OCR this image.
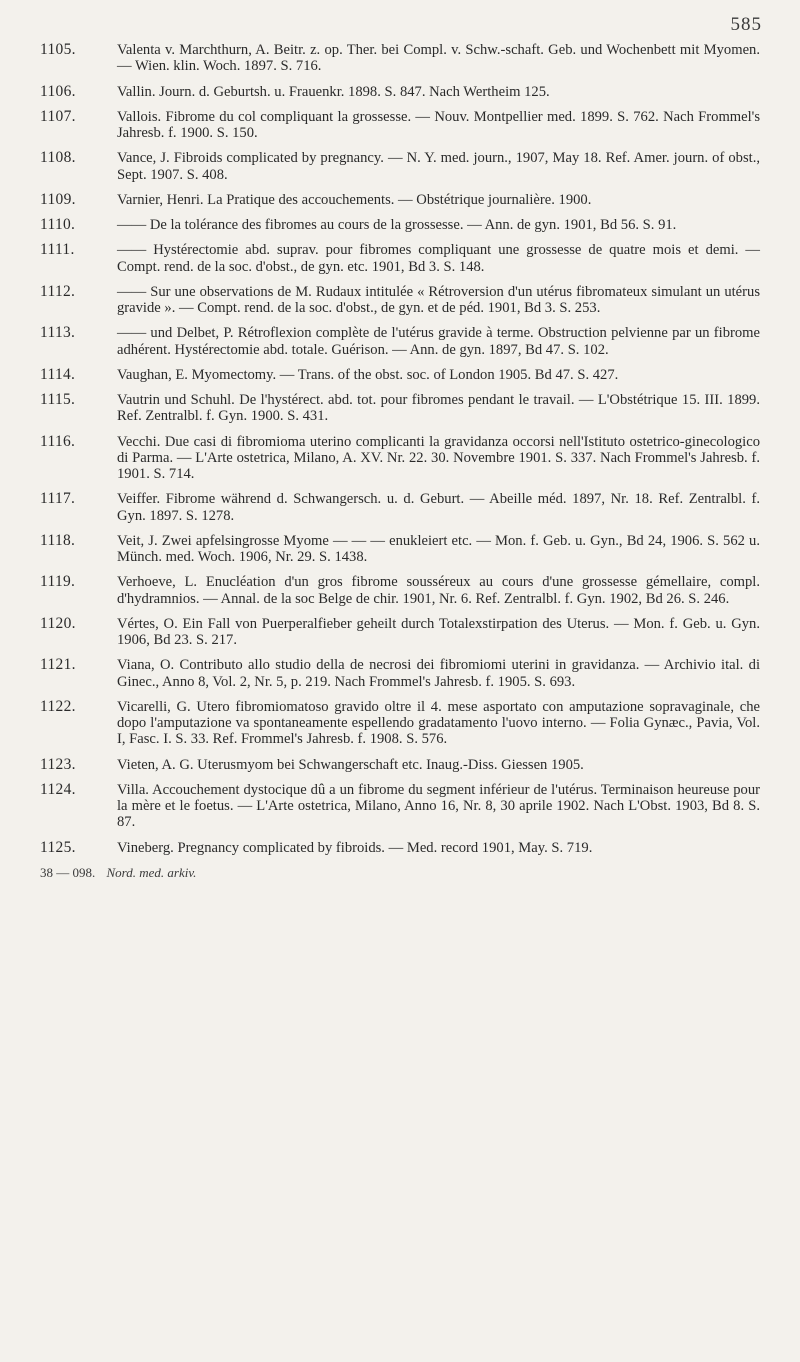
585
1105.	Valenta v. Marchthurn, A. Beitr. z. op. Ther. bei Compl. v. Schw.-schaft. Geb. und Wochenbett mit Myomen. — Wien. klin. Woch. 1897. S. 716.
1106.	Vallin. Journ. d. Geburtsh. u. Frauenkr. 1898. S. 847. Nach Wertheim 125.
1107.	Vallois. Fibrome du col compliquant la grossesse. — Nouv. Montpellier med. 1899. S. 762. Nach Frommel's Jahresb. f. 1900. S. 150.
1108.	Vance, J. Fibroids complicated by pregnancy. — N. Y. med. journ., 1907, May 18. Ref. Amer. journ. of obst., Sept. 1907. S. 408.
1109.	Varnier, Henri. La Pratique des accouchements. — Obstétrique journalière. 1900.
1110.	—— De la tolérance des fibromes au cours de la grossesse. — Ann. de gyn. 1901, Bd 56. S. 91.
1111.	—— Hystérectomie abd. suprav. pour fibromes compliquant une grossesse de quatre mois et demi. — Compt. rend. de la soc. d'obst., de gyn. etc. 1901, Bd 3. S. 148.
1112.	—— Sur une observations de M. Rudaux intitulée « Rétroversion d'un utérus fibromateux simulant un utérus gravide ». — Compt. rend. de la soc. d'obst., de gyn. et de péd. 1901, Bd 3. S. 253.
1113.	—— und Delbet, P. Rétroflexion complète de l'utérus gravide à terme. Obstruction pelvienne par un fibrome adhérent. Hystérectomie abd. totale. Guérison. — Ann. de gyn. 1897, Bd 47. S. 102.
1114.	Vaughan, E. Myomectomy. — Trans. of the obst. soc. of London 1905. Bd 47. S. 427.
1115.	Vautrin und Schuhl. De l'hystérect. abd. tot. pour fibromes pendant le travail. — L'Obstétrique 15. III. 1899. Ref. Zentralbl. f. Gyn. 1900. S. 431.
1116.	Vecchi. Due casi di fibromioma uterino complicanti la gravidanza occorsi nell'Istituto ostetrico-ginecologico di Parma. — L'Arte ostetrica, Milano, A. XV. Nr. 22. 30. Novembre 1901. S. 337. Nach Frommel's Jahresb. f. 1901. S. 714.
1117.	Veiffer. Fibrome während d. Schwangersch. u. d. Geburt. — Abeille méd. 1897, Nr. 18. Ref. Zentralbl. f. Gyn. 1897. S. 1278.
1118.	Veit, J. Zwei apfelsingrosse Myome — — — enukleiert etc. — Mon. f. Geb. u. Gyn., Bd 24, 1906. S. 562 u. Münch. med. Woch. 1906, Nr. 29. S. 1438.
1119.	Verhoeve, L. Enucléation d'un gros fibrome sousséreux au cours d'une grossesse gémellaire, compl. d'hydramnios. — Annal. de la soc Belge de chir. 1901, Nr. 6. Ref. Zentralbl. f. Gyn. 1902, Bd 26. S. 246.
1120.	Vértes, O. Ein Fall von Puerperalfieber geheilt durch Totalexstirpation des Uterus. — Mon. f. Geb. u. Gyn. 1906, Bd 23. S. 217.
1121.	Viana, O. Contributo allo studio della de necrosi dei fibromiomi uterini in gravidanza. — Archivio ital. di Ginec., Anno 8, Vol. 2, Nr. 5, p. 219. Nach Frommel's Jahresb. f. 1905. S. 693.
1122.	Vicarelli, G. Utero fibromiomatoso gravido oltre il 4. mese asportato con amputazione sopravaginale, che dopo l'amputazione va spontaneamente espellendo gradatamento l'uovo interno. — Folia Gynæc., Pavia, Vol. I, Fasc. I. S. 33. Ref. Frommel's Jahresb. f. 1908. S. 576.
1123.	Vieten, A. G. Uterusmyom bei Schwangerschaft etc. Inaug.-Diss. Giessen 1905.
1124.	Villa. Accouchement dystocique dû a un fibrome du segment inférieur de l'utérus. Terminaison heureuse pour la mère et le foetus. — L'Arte ostetrica, Milano, Anno 16, Nr. 8, 30 aprile 1902. Nach L'Obst. 1903, Bd 8. S. 87.
1125.	Vineberg. Pregnancy complicated by fibroids. — Med. record 1901, May. S. 719.
38 — 098. Nord. med. arkiv.
